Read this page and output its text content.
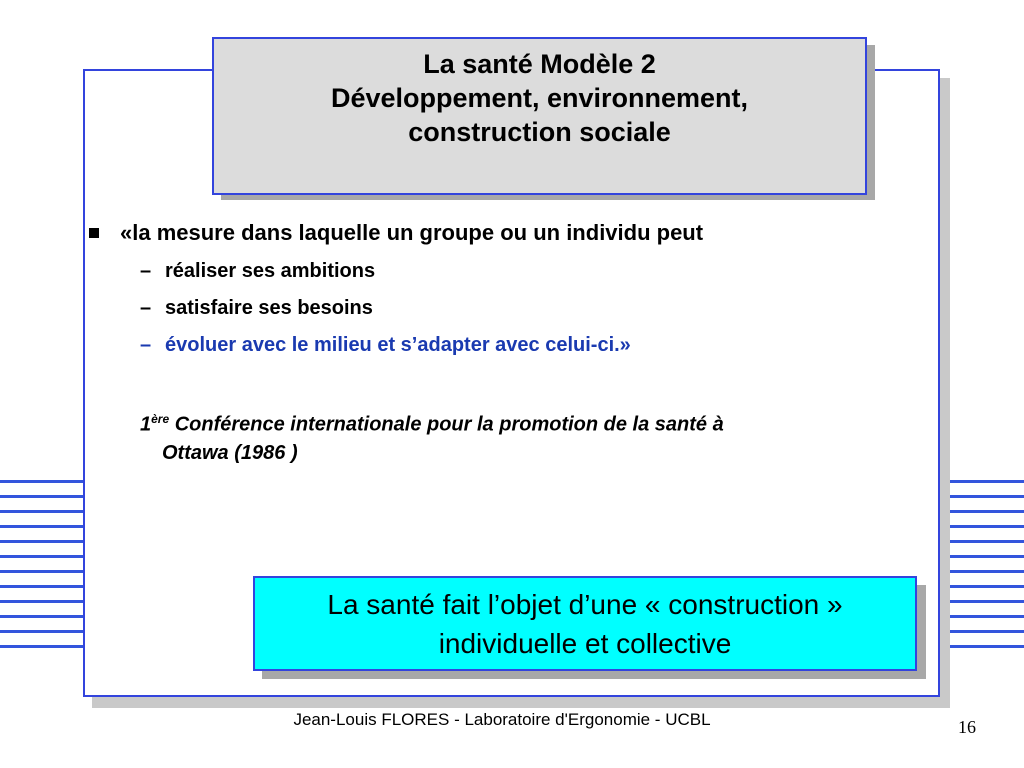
La santé Modèle 2
Développement, environnement,
construction sociale
«la mesure dans laquelle un groupe ou un individu peut
– réaliser ses ambitions
– satisfaire ses besoins
– évoluer avec le milieu et s’adapter avec celui-ci.»
1ère Conférence internationale pour la promotion de la santé à
Ottawa (1986 )
La santé fait l’objet d’une « construction »
individuelle et collective
Jean-Louis FLORES - Laboratoire d'Ergonomie - UCBL	16
